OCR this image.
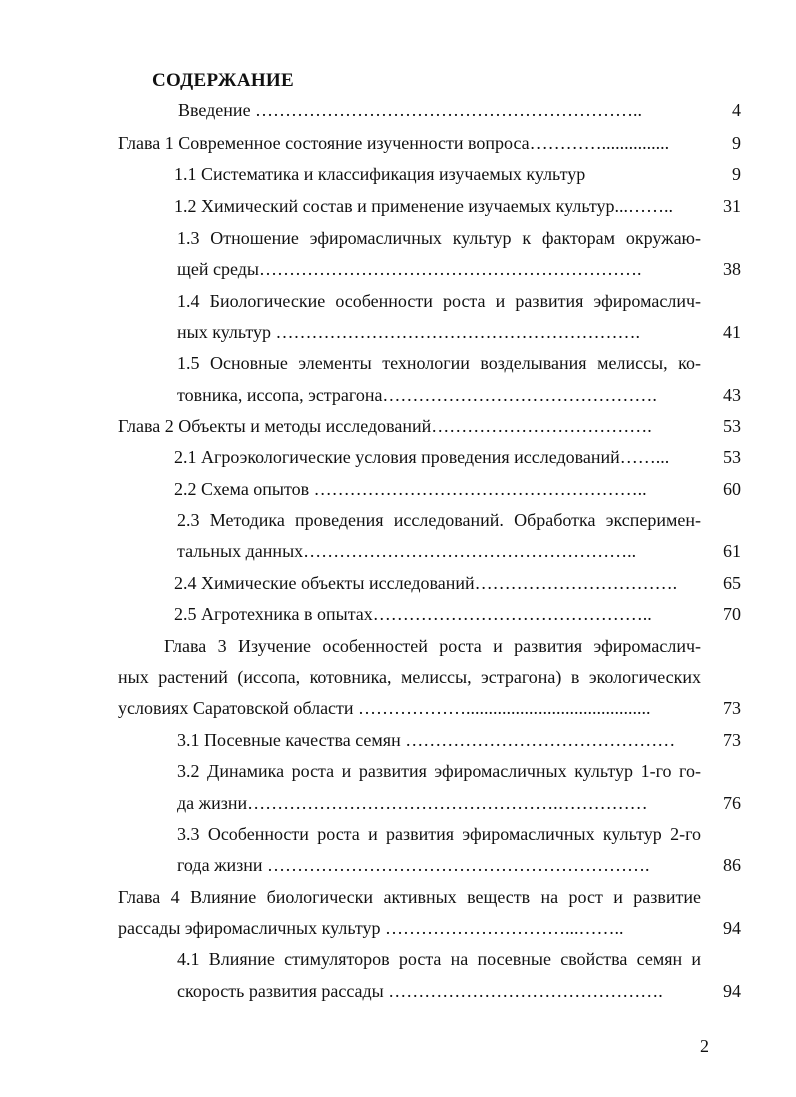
СОДЕРЖАНИЕ
Введение ………………………………………………………..	4
Глава 1 Современное состояние изученности вопроса…………...............	9
1.1 Систематика и классификация изучаемых культур	9
1.2 Химический состав и применение изучаемых культур...……..	31
1.3 Отношение эфиромасличных культур к факторам окружаю-
щей среды……………………………………………………….	38
1.4 Биологические особенности роста и развития эфиромаслич-
ных культур …………………………………………………….	41
1.5 Основные элементы технологии возделывания мелиссы, ко-
товника, иссопа, эстрагона……………………………………….	43
Глава 2 Объекты и методы исследований……………………………….	53
2.1 Агроэкологические условия проведения исследований……...	53
2.2 Схема опытов ………………………………………………..	60
2.3 Методика проведения исследований. Обработка эксперимен-
тальных данных………………………………………………..	61
2.4 Химические объекты исследований…………………………….	65
2.5 Агротехника в опытах………………………………………..	70
Глава 3 Изучение особенностей роста и развития эфиромаслич-
ных растений (иссопа, котовника, мелиссы, эстрагона) в экологических
условиях Саратовской области ……………….........................................	73
3.1 Посевные качества семян ………………………………………	73
3.2 Динамика роста и развития эфиромасличных культур 1-го го-
да жизни…………………………………………….……………	76
3.3 Особенности роста и развития эфиромасличных культур 2-го
года жизни ……………………………………………………….	86
Глава 4 Влияние биологически активных веществ на рост и развитие
рассады эфиромасличных культур …………………………...……..	94
4.1 Влияние стимуляторов роста на посевные свойства семян и
скорость развития рассады ……………………………………….	94
2
